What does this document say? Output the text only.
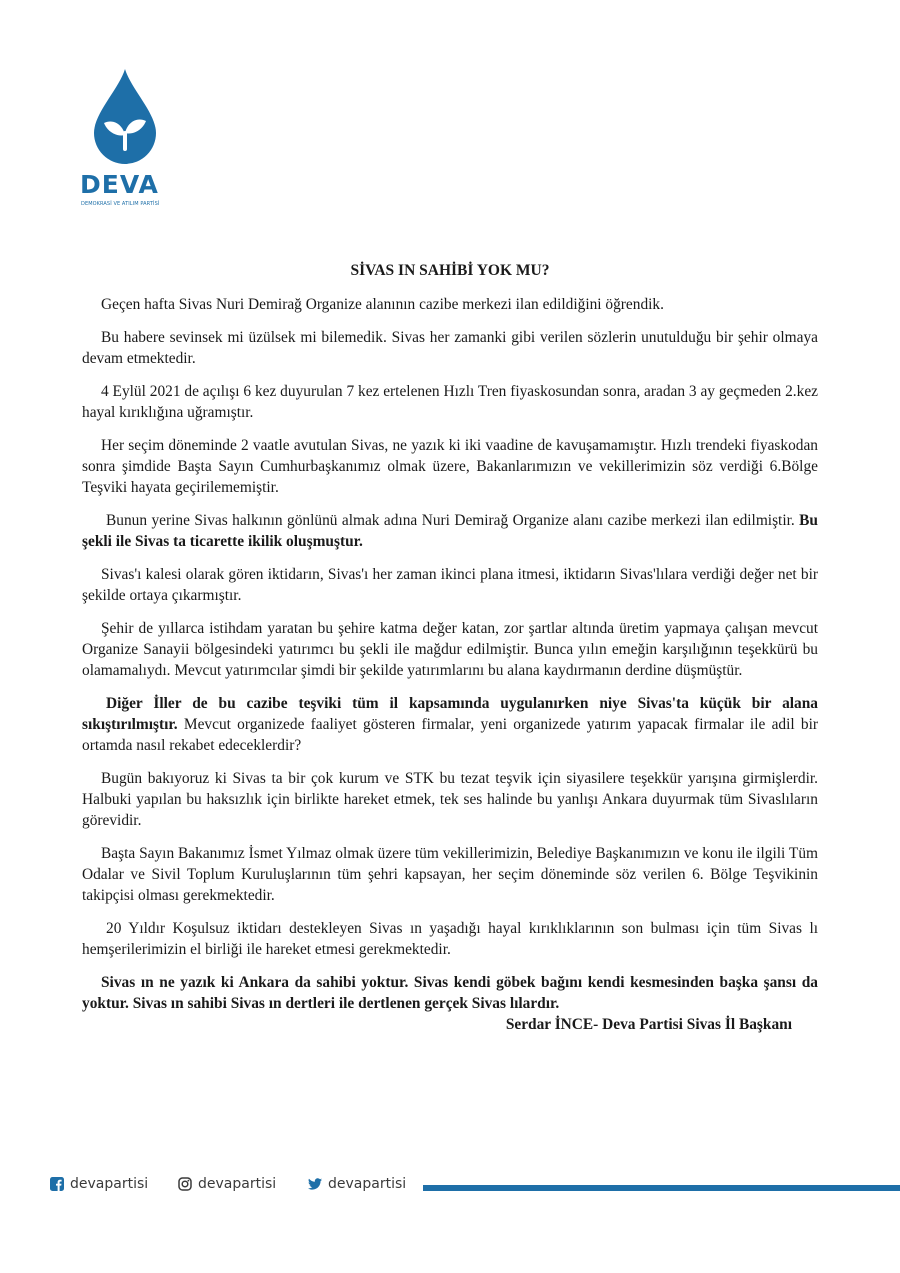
DEVA
DEMOKRASİ VE ATILIM PARTİSİ
SİVAS IN SAHİBİ YOK MU?

Geçen hafta Sivas Nuri Demirağ Organize alanının cazibe merkezi ilan edildiğini öğrendik.

Bu habere sevinsek mi üzülsek mi bilemedik. Sivas her zamanki gibi verilen sözlerin unutulduğu bir şehir olmaya devam etmektedir.

4 Eylül 2021 de açılışı 6 kez duyurulan 7 kez ertelenen Hızlı Tren fiyaskosundan sonra, aradan 3 ay geçmeden 2.kez hayal kırıklığına uğramıştır.

Her seçim döneminde 2 vaatle avutulan Sivas, ne yazık ki iki vaadine de kavuşamamıştır. Hızlı trendeki fiyaskodan sonra şimdide Başta Sayın Cumhurbaşkanımız olmak üzere, Bakanlarımızın ve vekillerimizin söz verdiği 6.Bölge Teşviki hayata geçirilememiştir.

Bunun yerine Sivas halkının gönlünü almak adına Nuri Demirağ Organize alanı cazibe merkezi ilan edilmiştir. Bu şekli ile Sivas ta ticarette ikilik oluşmuştur.

Sivas'ı kalesi olarak gören iktidarın, Sivas'ı her zaman ikinci plana itmesi, iktidarın Sivas'lılara verdiği değer net bir şekilde ortaya çıkarmıştır.

Şehir de yıllarca istihdam yaratan bu şehire katma değer katan, zor şartlar altında üretim yapmaya çalışan mevcut Organize Sanayii bölgesindeki yatırımcı bu şekli ile mağdur edilmiştir. Bunca yılın emeğin karşılığının teşekkürü bu olamamalıydı. Mevcut yatırımcılar şimdi bir şekilde yatırımlarını bu alana kaydırmanın derdine düşmüştür.

Diğer İller de bu cazibe teşviki tüm il kapsamında uygulanırken niye Sivas'ta küçük bir alana sıkıştırılmıştır. Mevcut organizede faaliyet gösteren firmalar, yeni organizede yatırım yapacak firmalar ile adil bir ortamda nasıl rekabet edeceklerdir?

Bugün bakıyoruz ki Sivas ta bir çok kurum ve STK bu tezat teşvik için siyasilere teşekkür yarışına girmişlerdir. Halbuki yapılan bu haksızlık için birlikte hareket etmek, tek ses halinde bu yanlışı Ankara duyurmak tüm Sivaslıların görevidir.

Başta Sayın Bakanımız İsmet Yılmaz olmak üzere tüm vekillerimizin, Belediye Başkanımızın ve konu ile ilgili Tüm Odalar ve Sivil Toplum Kuruluşlarının tüm şehri kapsayan, her seçim döneminde söz verilen 6. Bölge Teşvikinin takipçisi olması gerekmektedir.

20 Yıldır Koşulsuz iktidarı destekleyen Sivas ın yaşadığı hayal kırıklıklarının son bulması için tüm Sivas lı hemşerilerimizin el birliği ile hareket etmesi gerekmektedir.

Sivas ın ne yazık ki Ankara da sahibi yoktur. Sivas kendi göbek bağını kendi kesmesinden başka şansı da yoktur. Sivas ın sahibi Sivas ın dertleri ile dertlenen gerçek Sivas lılardır.

Serdar İNCE- Deva Partisi Sivas İl Başkanı
devapartisi	devapartisi	devapartisi
